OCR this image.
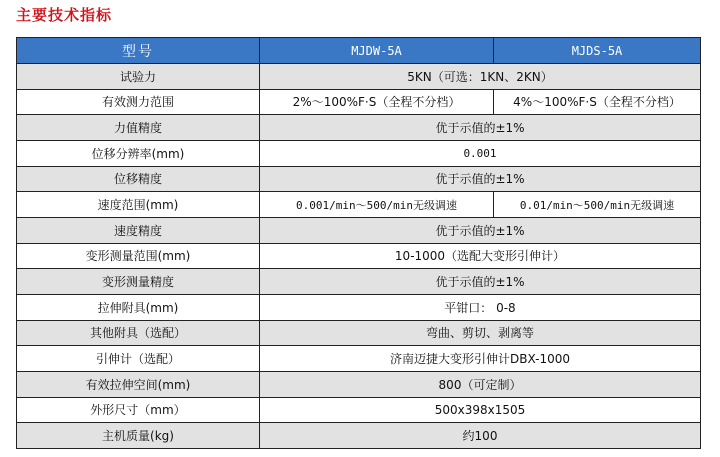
主要技术指标
型号	MJDW-5A	MJDS-5A
试验力	5KN（可选：1KN、2KN）	
有效测力范围	2%～100%F·S（全程不分档）	4%～100%F·S（全程不分档）
力值精度	优于示值的±1%	
位移分辨率(mm)	0.001	
位移精度	优于示值的±1%	
速度范围(mm)	0.001/min～500/min无级调速	0.01/min～500/min无级调速
速度精度	优于示值的±1%	
变形测量范围(mm)	10-1000（选配大变形引伸计）	
变形测量精度	优于示值的±1%	
拉伸附具(mm)	平钳口： 0-8	
其他附具（选配）	弯曲、剪切、剥离等	
引伸计（选配）	济南迈捷大变形引伸计DBX-1000	
有效拉伸空间(mm)	800（可定制）	
外形尺寸（mm）	500x398x1505	
主机质量(kg)	约100	
